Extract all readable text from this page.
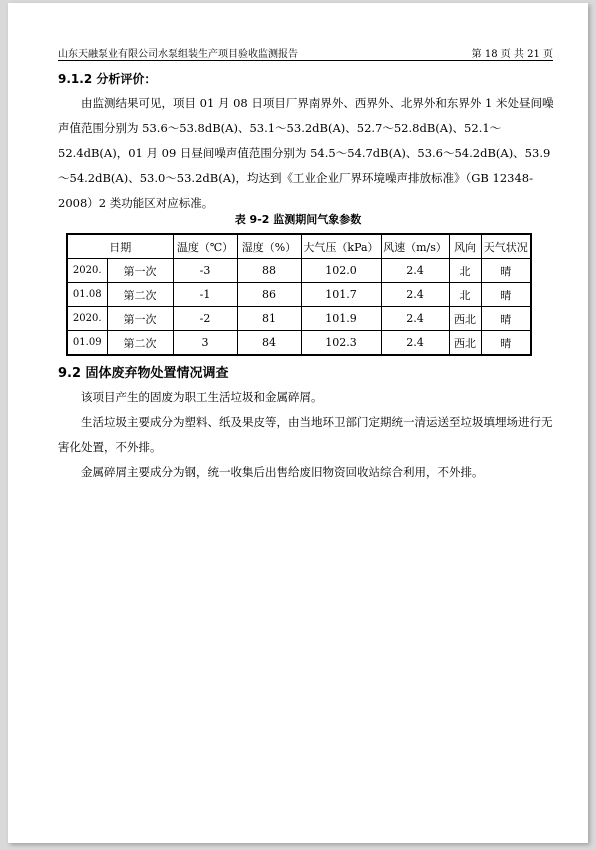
山东天融泵业有限公司水泵组装生产项目验收监测报告	第 18 页 共 21 页
9.1.2 分析评价：
由监测结果可见，项目 01 月 08 日项目厂界南界外、西界外、北界外和东界外 1 米处昼间噪声值范围分别为 53.6～53.8dB(A)、53.1～53.2dB(A)、52.7～52.8dB(A)、52.1～52.4dB(A)，01 月 09 日昼间噪声值范围分别为 54.5～54.7dB(A)、53.6～54.2dB(A)、53.9～54.2dB(A)、53.0～53.2dB(A)，均达到《工业企业厂界环境噪声排放标准》（GB 12348-2008）2 类功能区对应标准。
表 9-2 监测期间气象参数
日期		温度（℃）	湿度（%）	大气压（kPa）	风速（m/s）	风向	天气状况
2020.	第一次	-3	88	102.0	2.4	北	晴
01.08	第二次	-1	86	101.7	2.4	北	晴
2020.	第一次	-2	81	101.9	2.4	西北	晴
01.09	第二次	3	84	102.3	2.4	西北	晴
9.2 固体废弃物处置情况调查
该项目产生的固废为职工生活垃圾和金属碎屑。
生活垃圾主要成分为塑料、纸及果皮等，由当地环卫部门定期统一清运送至垃圾填埋场进行无害化处置，不外排。
金属碎屑主要成分为钢，统一收集后出售给废旧物资回收站综合利用，不外排。
